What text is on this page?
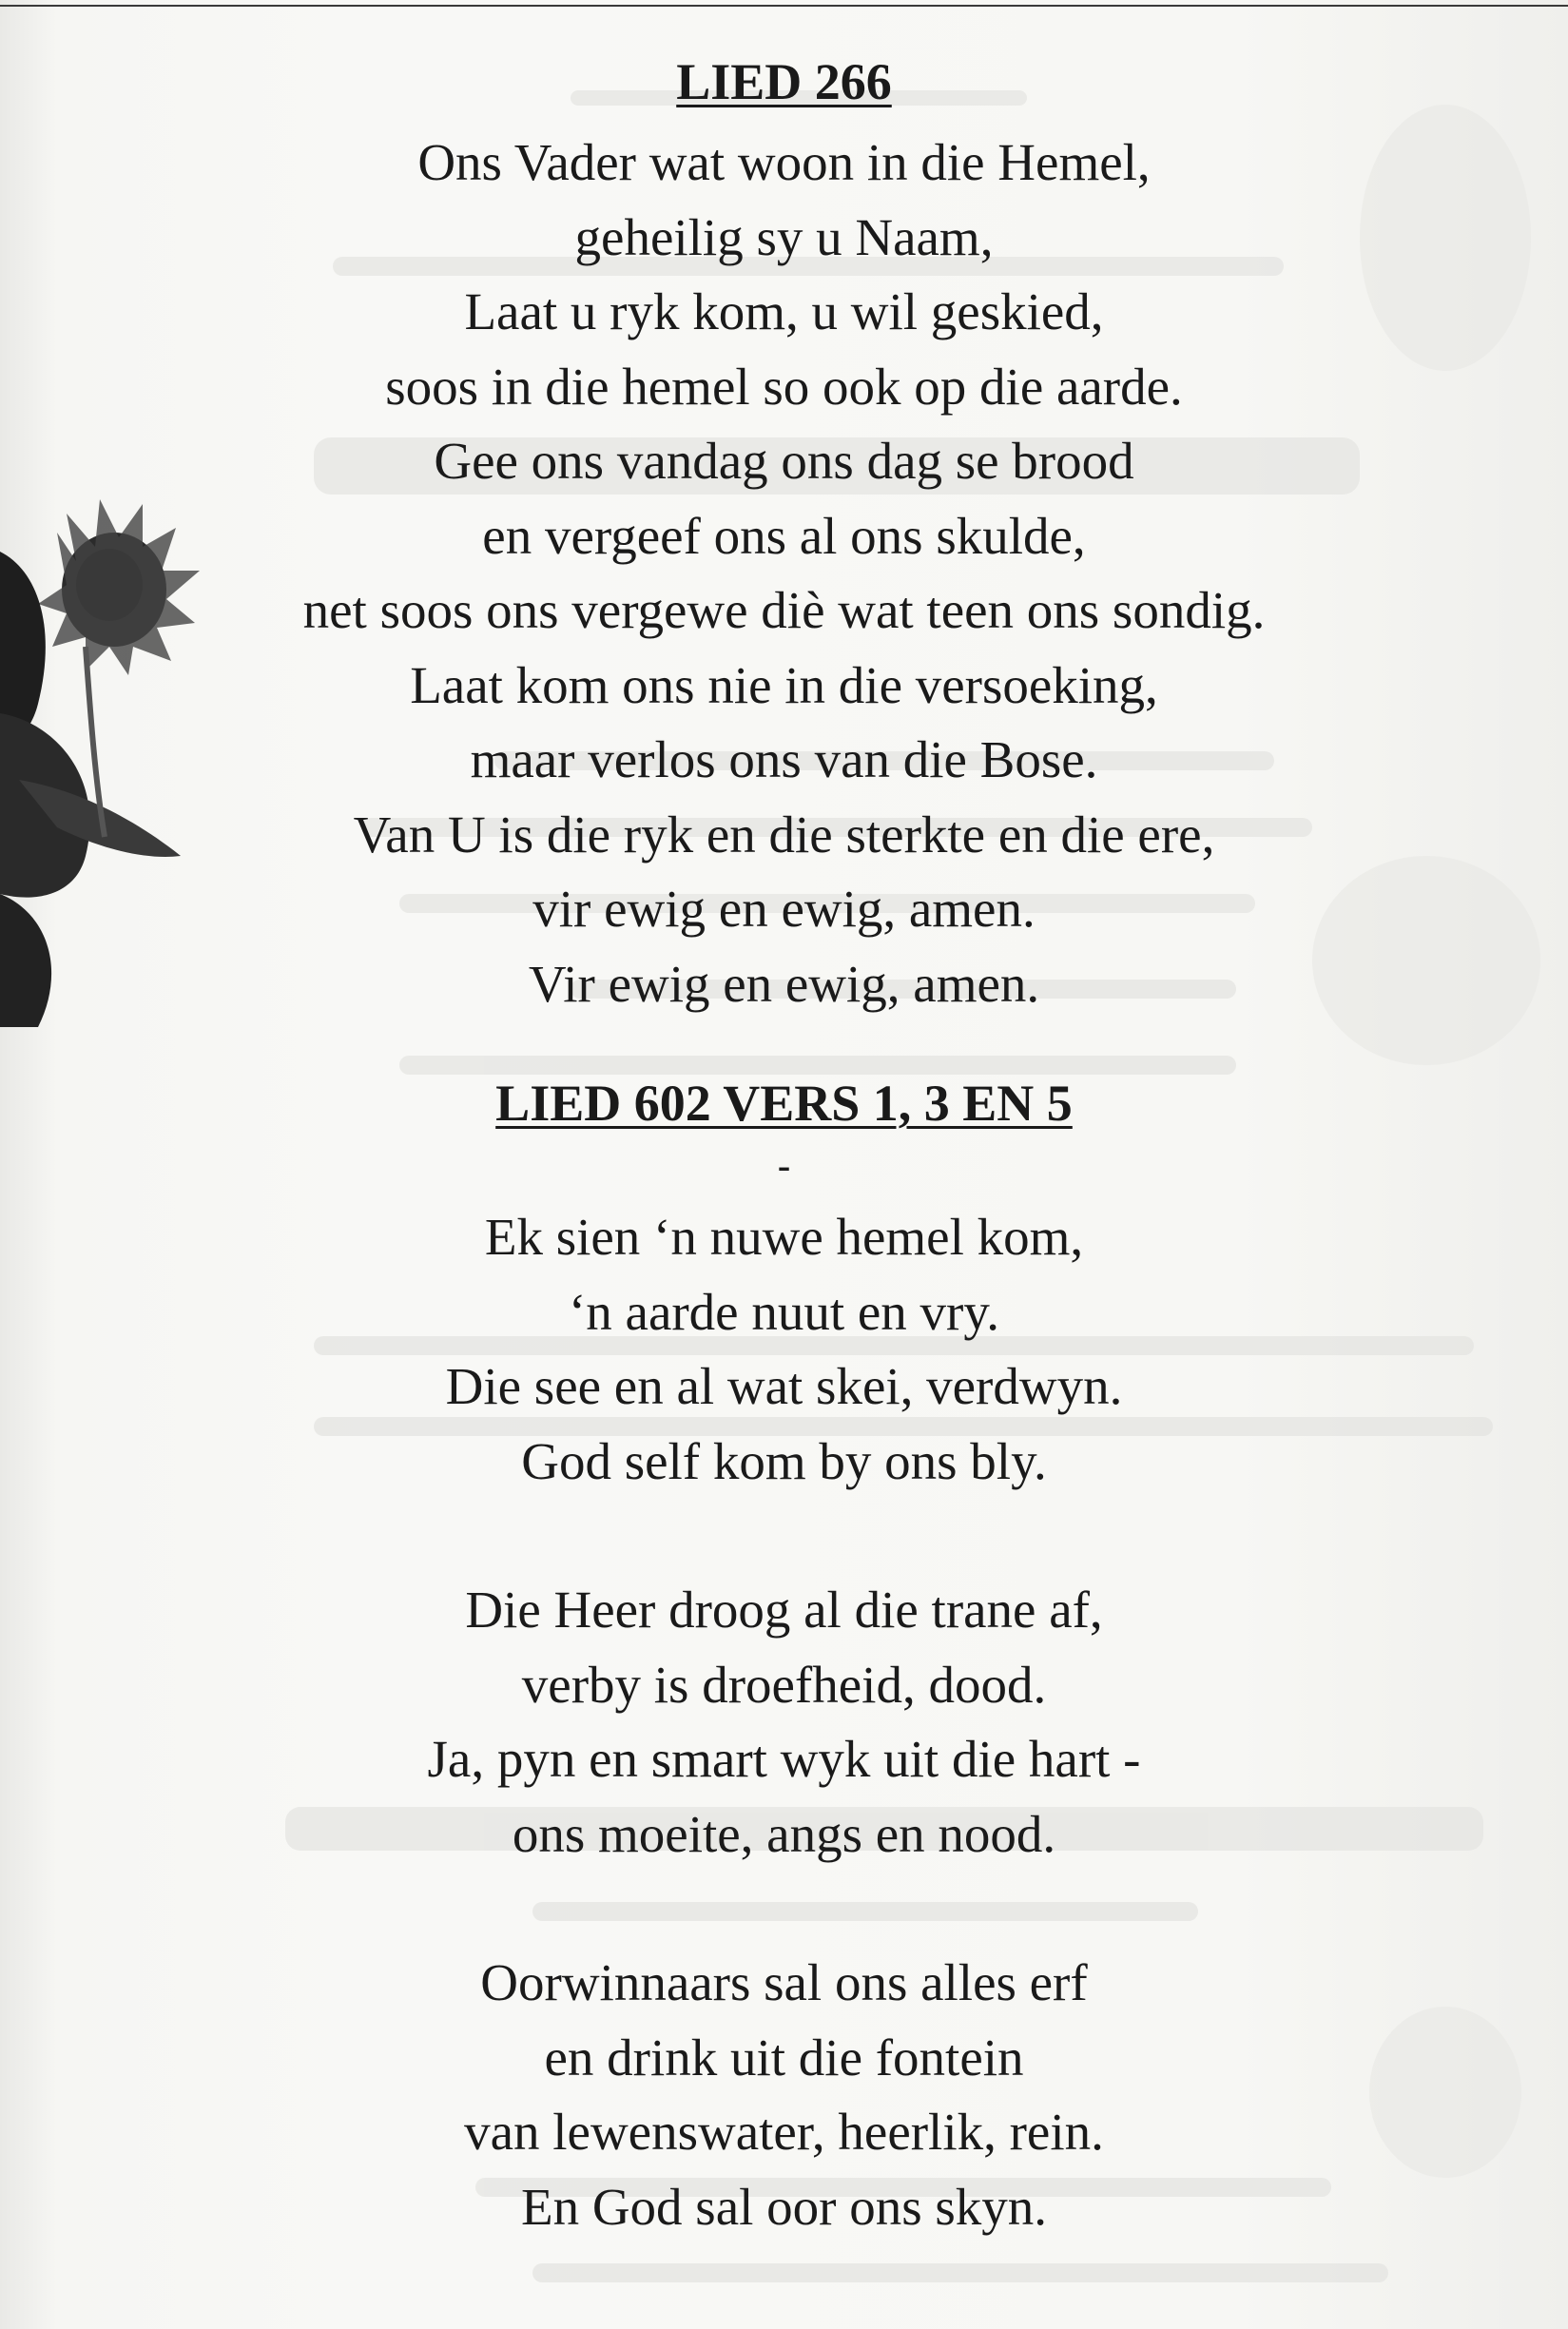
LIED 266

Ons Vader wat woon in die Hemel,

geheilig sy u Naam,

Laat u ryk kom, u wil geskied,

soos in die hemel so ook op die aarde.

Gee ons vandag ons dag se brood

en vergeef ons al ons skulde,

net soos ons vergewe diè wat teen ons sondig.

Laat kom ons nie in die versoeking,

maar verlos ons van die Bose.

Van U is die ryk en die sterkte en die ere,

vir ewig en ewig, amen.

Vir ewig en ewig, amen.

LIED 602 VERS 1, 3 EN 5

-

Ek sien ‘n nuwe hemel kom,

‘n aarde nuut en vry.

Die see en al wat skei, verdwyn.

God self kom by ons bly.

Die Heer droog al die trane af,

verby is droefheid, dood.

Ja, pyn en smart wyk uit die hart -

ons moeite, angs en nood.

Oorwinnaars sal ons alles erf

en drink uit die fontein

van lewenswater, heerlik, rein.

En God sal oor ons skyn.
